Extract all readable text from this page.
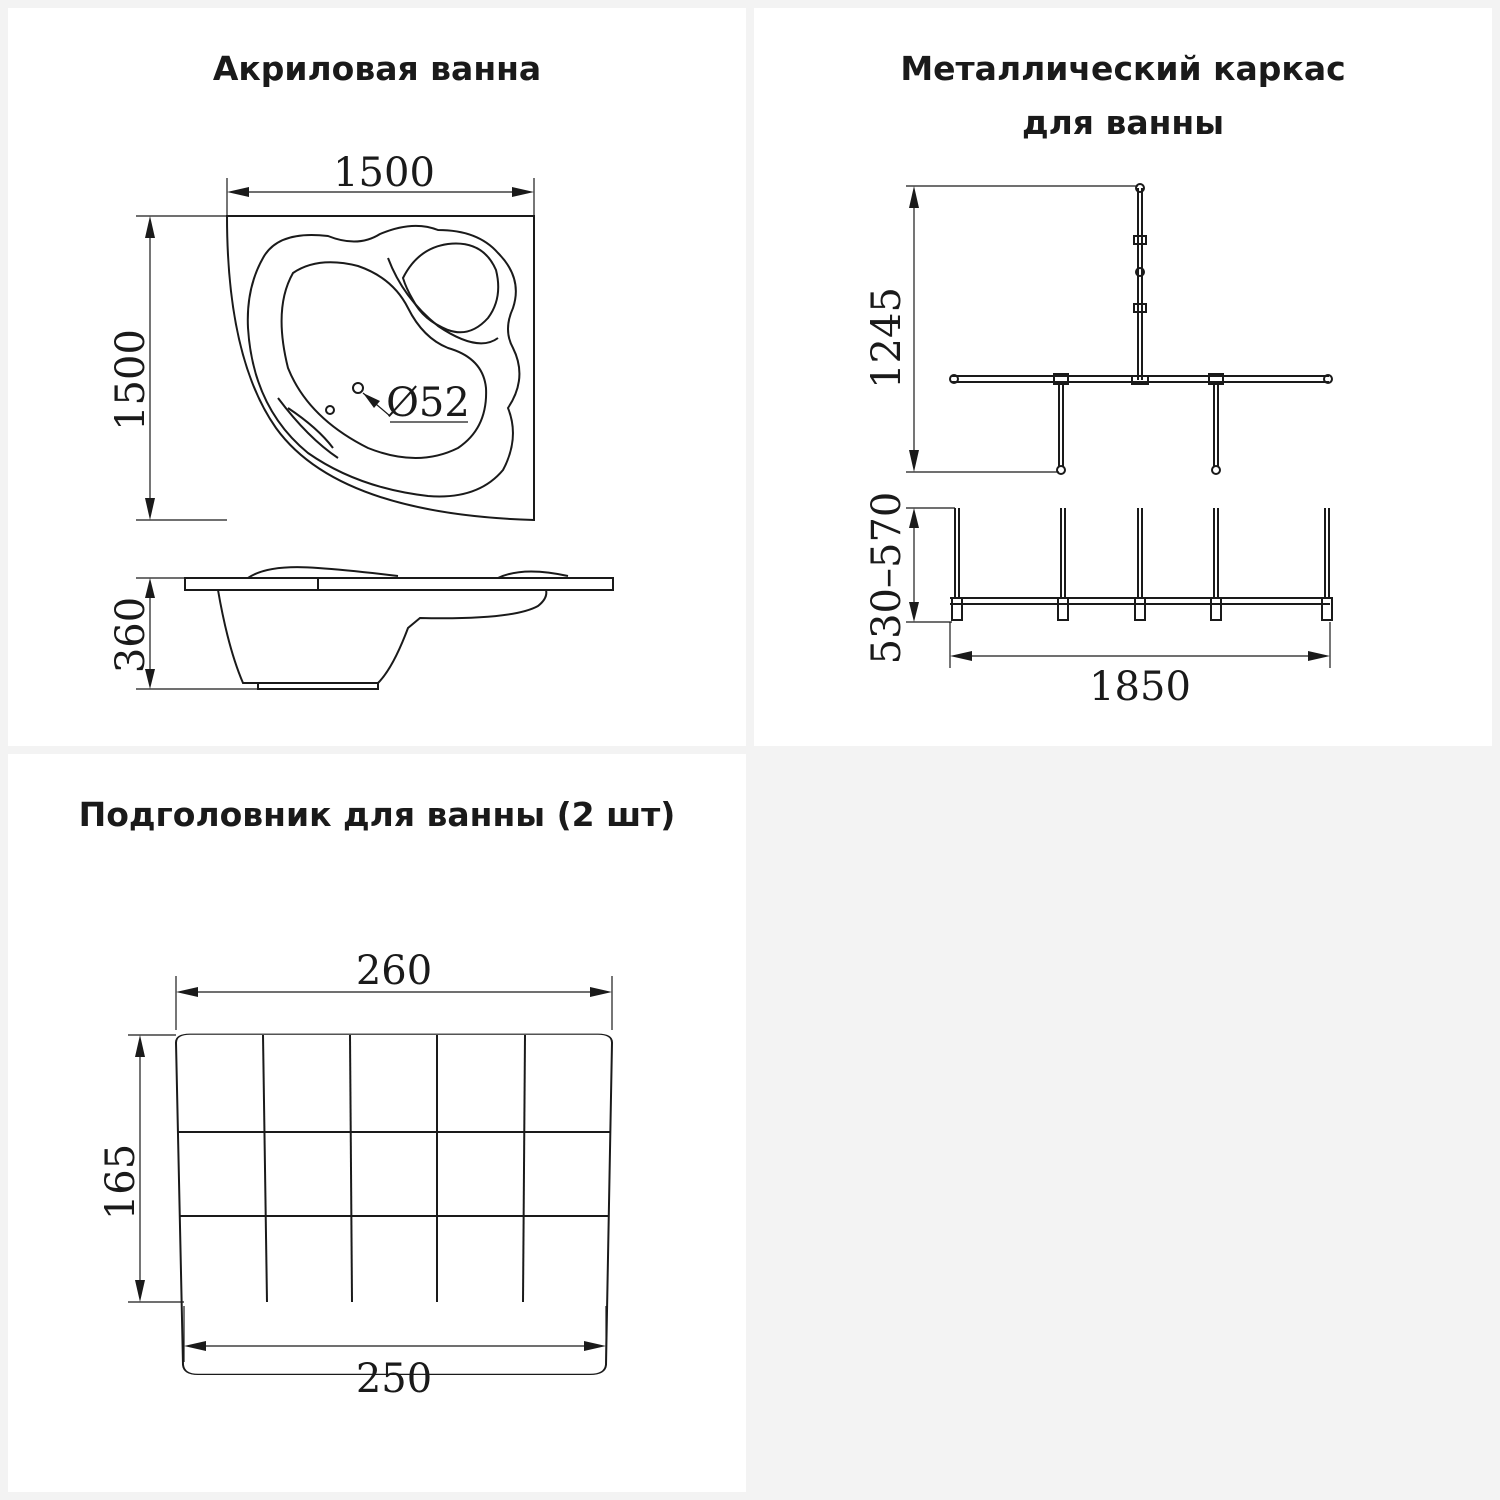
Акриловая ванна
1500
1500	Ø52
360
Металлический каркас
для ванны
1245
530–570
1850
Подголовник для ванны (2 шт)
260
165
250
